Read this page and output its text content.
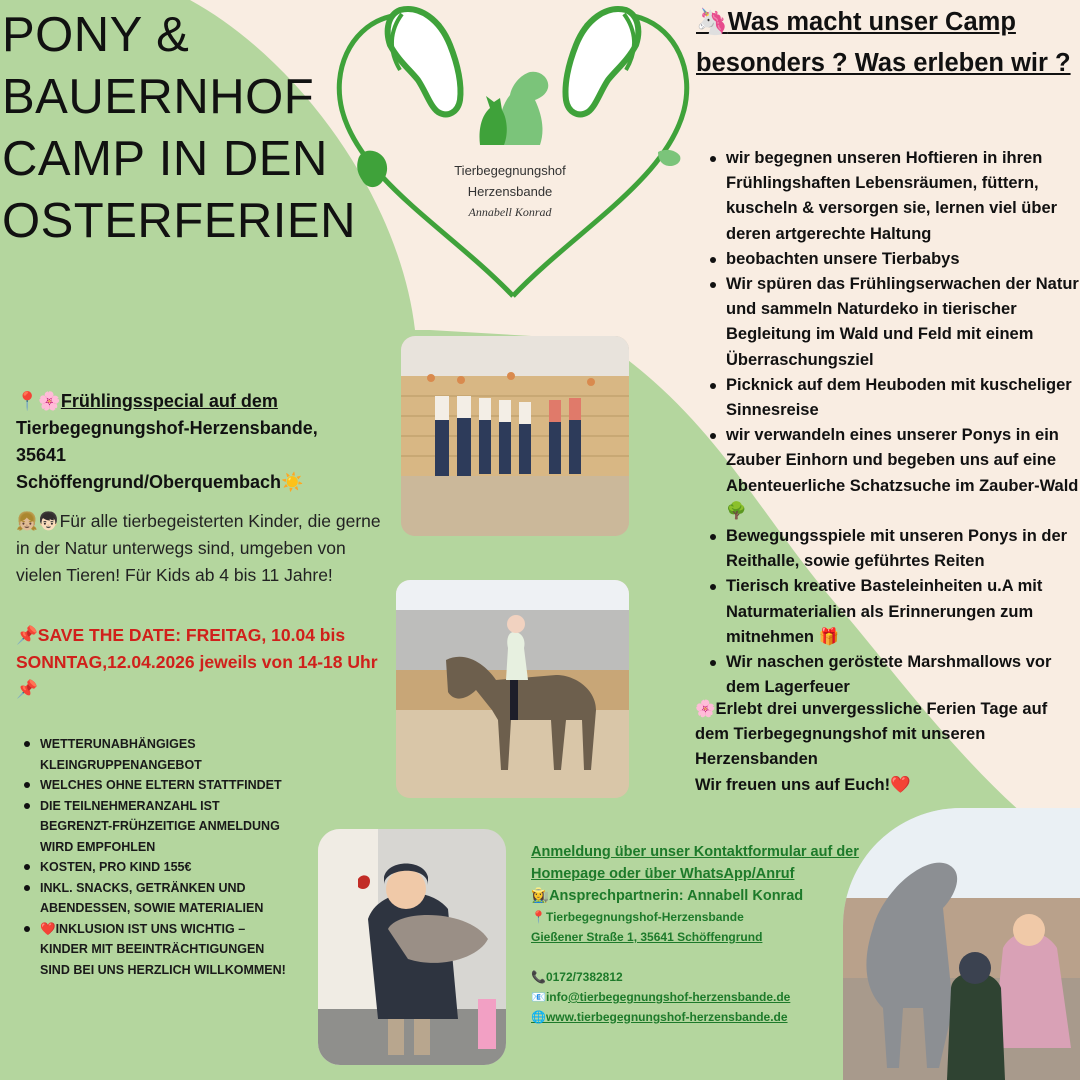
PONY &
BAUERNHOF
CAMP IN DEN
OSTERFERIEN
Tierbegegnungshof
Herzensbande
Annabell Konrad
📍🌸Frühlingsspecial auf dem
Tierbegegnungshof-Herzensbande,
35641
Schöffengrund/Oberquembach☀️
👧🏼👦🏻Für alle tierbegeisterten Kinder, die gerne in der Natur unterwegs sind, umgeben von vielen Tieren! Für Kids ab 4 bis 11 Jahre!
📌SAVE THE DATE: FREITAG, 10.04 bis SONNTAG,12.04.2026 jeweils von 14-18 Uhr📌
WETTERUNABHÄNGIGES KLEINGRUPPENANGEBOT
WELCHES OHNE ELTERN STATTFINDET
DIE TEILNEHMERANZAHL IST BEGRENZT-FRÜHZEITIGE ANMELDUNG WIRD EMPFOHLEN
KOSTEN, PRO KIND 155€
INKL. SNACKS, GETRÄNKEN UND ABENDESSEN, SOWIE MATERIALIEN
❤️INKLUSION IST UNS WICHTIG – KINDER MIT BEEINTRÄCHTIGUNGEN SIND BEI UNS HERZLICH WILLKOMMEN!
🦄Was macht unser Camp besonders ? Was erleben wir ?
wir begegnen unseren Hoftieren in ihren Frühlingshaften Lebensräumen, füttern, kuscheln & versorgen sie, lernen viel über deren artgerechte Haltung
beobachten unsere Tierbabys
Wir spüren das Frühlingserwachen der Natur und sammeln Naturdeko in tierischer Begleitung im Wald und Feld mit einem Überraschungsziel
Picknick auf dem Heuboden mit kuscheliger Sinnesreise
wir verwandeln eines unserer Ponys in ein Zauber Einhorn und begeben uns auf eine Abenteuerliche Schatzsuche im Zauber-Wald 🌳
Bewegungsspiele mit unseren Ponys in der Reithalle, sowie geführtes Reiten
Tierisch kreative Basteleinheiten u.A mit Naturmaterialien als Erinnerungen zum mitnehmen 🎁
Wir naschen geröstete Marshmallows vor dem Lagerfeuer
🌸Erlebt drei unvergessliche Ferien Tage auf dem Tierbegegnungshof mit unseren Herzensbanden
Wir freuen uns auf Euch!❤️
Anmeldung über unser Kontaktformular auf der Homepage oder über WhatsApp/Anruf
👩‍🌾Ansprechpartnerin: Annabell Konrad
📍Tierbegegnungshof-Herzensbande
Gießener Straße 1, 35641 Schöffengrund
📞0172/7382812
📧info@tierbegegnungshof-herzensbande.de
🌐www.tierbegegnungshof-herzensbande.de
